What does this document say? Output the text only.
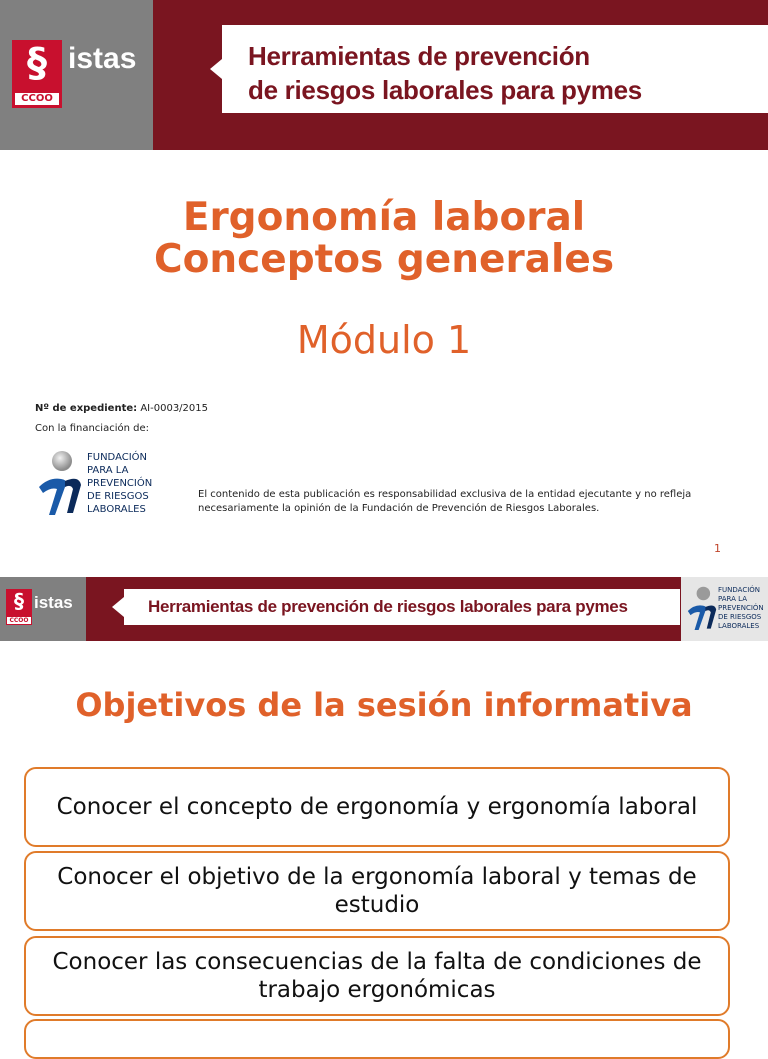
§
CCOO
istas	Herramientas de prevención
de riesgos laborales para pymes
Ergonomía laboral
Conceptos generales
Módulo 1
Nº de expediente: AI-0003/2015
Con la financiación de:
FUNDACIÓN
PARA LA
PREVENCIÓN
DE RIESGOS
LABORALES
El contenido de esta publicación es responsabilidad exclusiva de la entidad ejecutante y no refleja necesariamente la opinión de la Fundación de Prevención de Riesgos Laborales.
1
§
CCOO
istas	Herramientas de prevención de riesgos laborales para pymes
FUNDACIÓN
PARA LA
PREVENCIÓN
DE RIESGOS
LABORALES
Objetivos de la sesión informativa
Conocer el concepto de ergonomía y ergonomía laboral
Conocer el objetivo de la ergonomía laboral y temas de estudio
Conocer las consecuencias de la falta de condiciones de trabajo ergonómicas
